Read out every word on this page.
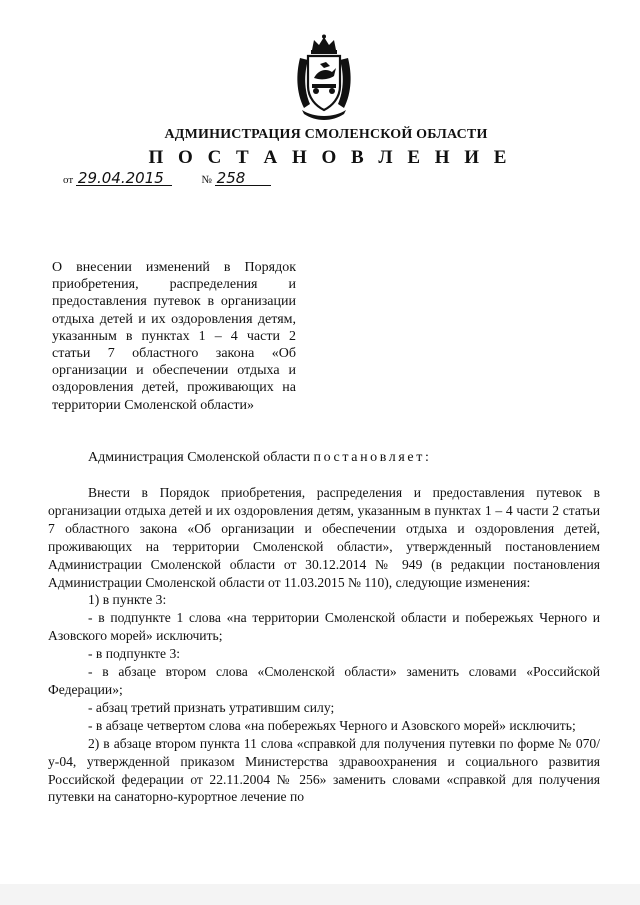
АДМИНИСТРАЦИЯ СМОЛЕНСКОЙ ОБЛАСТИ
П О С Т А Н О В Л Е Н И Е
от 29.04.2015	№ 258
О внесении изменений в Порядок приобретения, распределения и предоставления путевок в организации отдыха детей и их оздоровления детям, указанным в пунктах 1 – 4 части 2 статьи 7 областного закона «Об организации и обеспечении отдыха и оздоровления детей, проживающих на территории Смоленской области»
Администрация Смоленской области постановляет:

Внести в Порядок приобретения, распределения и предоставления путевок в организации отдыха детей и их оздоровления детям, указанным в пунктах 1 – 4 части 2 статьи 7 областного закона «Об организации и обеспечении отдыха и оздоровления детей, проживающих на территории Смоленской области», утвержденный постановлением Администрации Смоленской области от 30.12.2014 № 949 (в редакции постановления Администрации Смоленской области от 11.03.2015 № 110), следующие изменения:

1) в пункте 3:

- в подпункте 1 слова «на территории Смоленской области и побережьях Черного и Азовского морей» исключить;

- в подпункте 3:

- в абзаце втором слова «Смоленской области» заменить словами «Российской Федерации»;

- абзац третий признать утратившим силу;

- в абзаце четвертом слова «на побережьях Черного и Азовского морей» исключить;

2) в абзаце втором пункта 11 слова «справкой для получения путевки по форме № 070/у-04, утвержденной приказом Министерства здравоохранения и социального развития Российской федерации от 22.11.2004 № 256» заменить словами «справкой для получения путевки на санаторно-курортное лечение по
